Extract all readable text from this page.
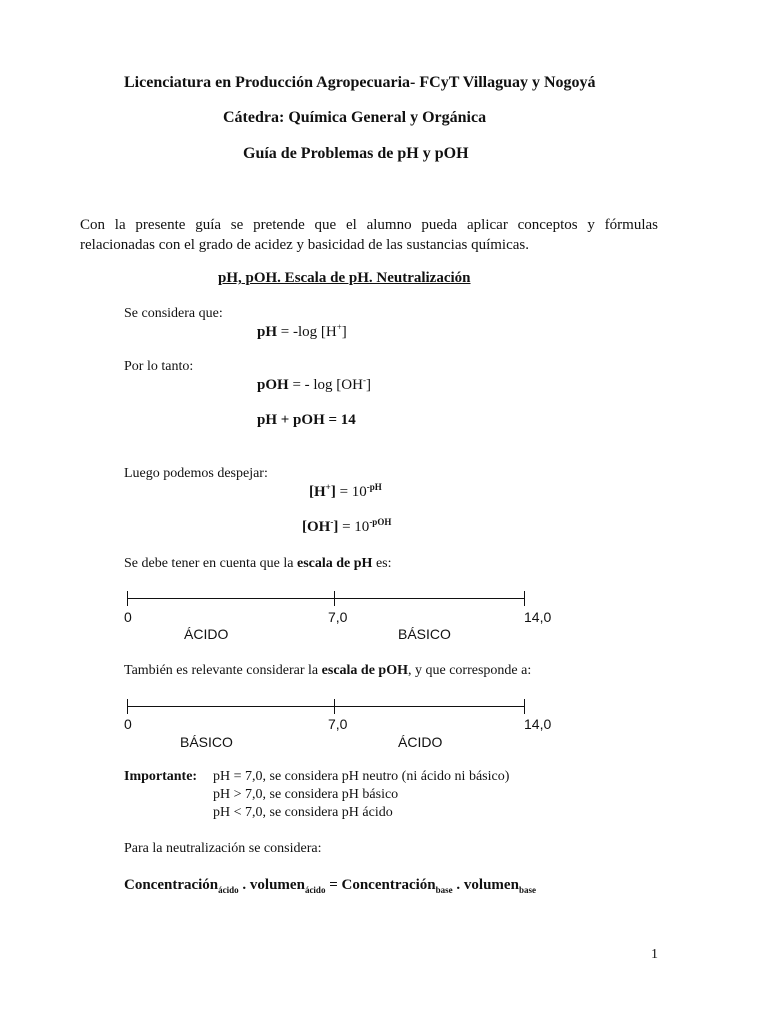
Licenciatura en Producción Agropecuaria- FCyT Villaguay y Nogoyá
Cátedra: Química General y Orgánica
Guía de Problemas de pH y pOH
Con la presente guía se pretende que el alumno pueda aplicar conceptos y fórmulas
relacionadas con el grado de acidez y basicidad de las sustancias químicas.
pH, pOH. Escala de pH. Neutralización
Se considera que:
pH = -log [H+]
Por lo tanto:
pOH = - log [OH-]
pH + pOH = 14
Luego podemos despejar:
$[H^+] = 10^{-pH}$
$[OH^-] = 10^{-pOH}$
Se debe tener en cuenta que la escala de pH es:
0	7,0	14,0
ÁCIDO	BÁSICO
También es relevante considerar la escala de pOH, y que corresponde a:
0	7,0	14,0
BÁSICO	ÁCIDO
Importante: pH = 7,0, se considera pH neutro (ni ácido ni básico)
pH > 7,0, se considera pH básico
pH < 7,0, se considera pH ácido
Para la neutralización se considera:
Concentración$_{ácido}$ . volumen$_{ácido}$ = Concentración$_{base}$ . volumen$_{base}$
1
